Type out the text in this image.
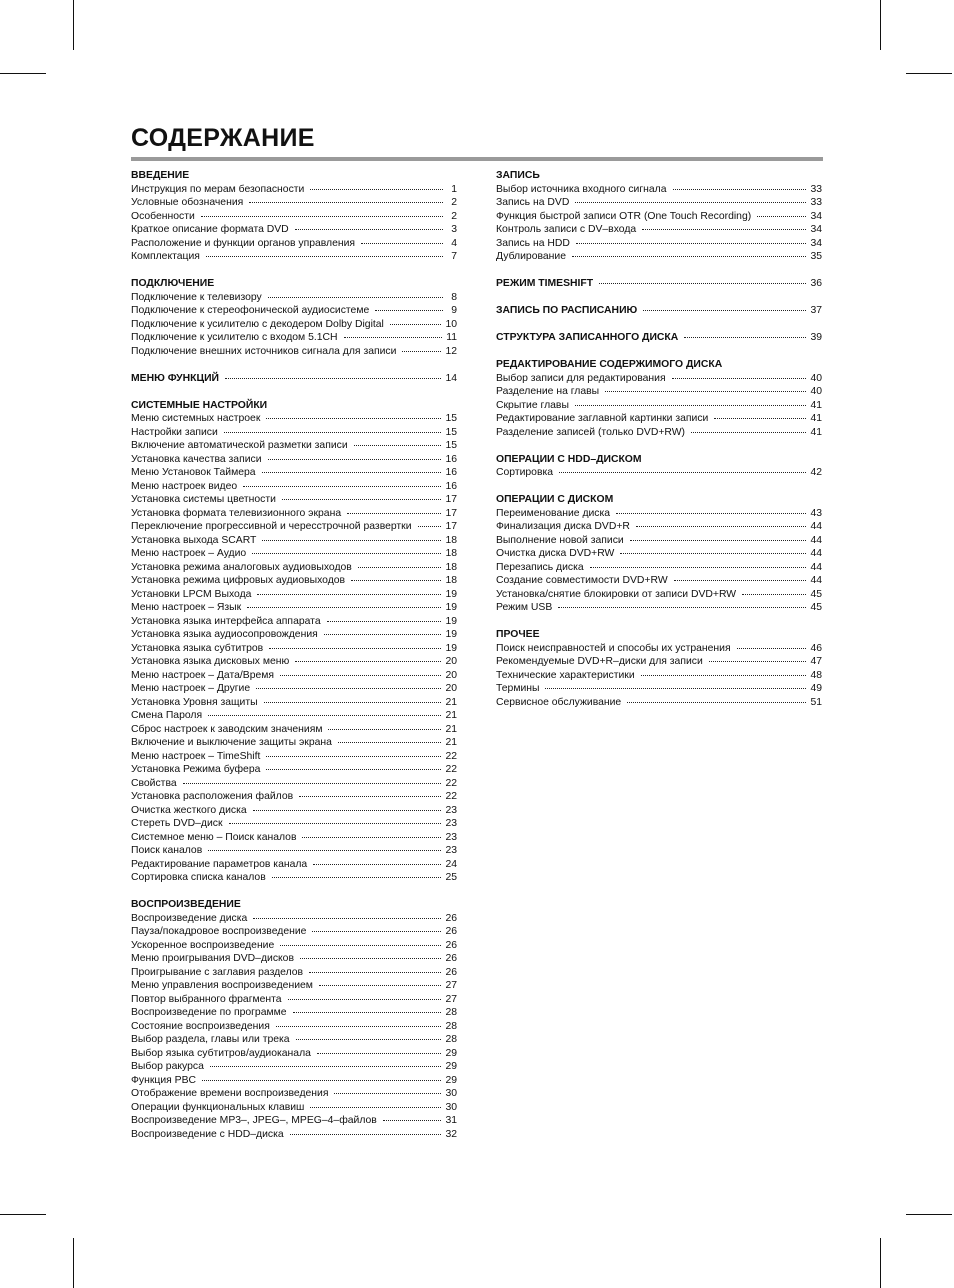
СОДЕРЖАНИЕ
ВВЕДЕНИЕ
Инструкция по мерам безопасности	1
Условные обозначения	2
Особенности	2
Краткое описание формата DVD	3
Расположение и функции органов управления	4
Комплектация	7
ПОДКЛЮЧЕНИЕ
Подключение к телевизору	8
Подключение к стереофонической аудиосистеме	9
Подключение к усилителю с декодером Dolby Digital	10
Подключение к усилителю с входом 5.1CH	11
Подключение внешних источников сигнала для записи	12
МЕНЮ ФУНКЦИЙ	14
СИСТЕМНЫЕ НАСТРОЙКИ
Меню системных настроек	15
Настройки записи	15
Включение автоматической разметки записи	15
Установка качества записи	16
Меню Установок Таймера	16
Меню настроек видео	16
Установка системы цветности	17
Установка формата телевизионного экрана	17
Переключение прогрессивной и чересстрочной развертки	17
Установка выхода SCART	18
Меню настроек – Аудио	18
Установка режима аналоговых аудиовыходов	18
Установка режима цифровых аудиовыходов	18
Установки LPCM Выхода	19
Меню настроек – Язык	19
Установка языка интерфейса аппарата	19
Установка языка аудиосопровождения	19
Установка языка субтитров	19
Установка языка дисковых меню	20
Меню настроек – Дата/Время	20
Меню настроек – Другие	20
Установка Уровня защиты	21
Смена Пароля	21
Сброс настроек к заводским значениям	21
Включение и выключение защиты экрана	21
Меню настроек – TimeShift	22
Установка Режима буфера	22
Свойства	22
Установка расположения файлов	22
Очистка жесткого диска	23
Стереть DVD–диск	23
Системное меню – Поиск каналов	23
Поиск каналов	23
Редактирование параметров канала	24
Сортировка списка каналов	25
ВОСПРОИЗВЕДЕНИЕ
Воспроизведение диска	26
Пауза/покадровое воспроизведение	26
Ускоренное воспроизведение	26
Меню проигрывания DVD–дисков	26
Проигрывание с заглавия разделов	26
Меню управления воспроизведением	27
Повтор выбранного фрагмента	27
Воспроизведение по программе	28
Состояние воспроизведения	28
Выбор раздела, главы или трека	28
Выбор языка субтитров/аудиоканала	29
Выбор ракурса	29
Функция PBC	29
Отображение времени воспроизведения	30
Операции функциональных клавиш	30
Воспроизведение MP3–, JPEG–, MPEG–4–файлов	31
Воспроизведение с HDD–диска	32
ЗАПИСЬ
Выбор источника входного сигнала	33
Запись на DVD	33
Функция быстрой записи OTR (One Touch Recording)	34
Контроль записи с DV–входа	34
Запись на HDD	34
Дублирование	35
РЕЖИМ TIMESHIFT	36
ЗАПИСЬ ПО РАСПИСАНИЮ	37
СТРУКТУРА ЗАПИСАННОГО ДИСКА	39
РЕДАКТИРОВАНИЕ СОДЕРЖИМОГО ДИСКА
Выбор записи для редактирования	40
Разделение на главы	40
Скрытие главы	41
Редактирование заглавной картинки записи	41
Разделение записей (только DVD+RW)	41
ОПЕРАЦИИ С HDD–ДИСКОМ
Сортировка	42
ОПЕРАЦИИ С ДИСКОМ
Переименование диска	43
Финализация диска DVD+R	44
Выполнение новой записи	44
Очистка диска DVD+RW	44
Перезапись диска	44
Создание совместимости DVD+RW	44
Установка/снятие блокировки от записи DVD+RW	45
Режим USB	45
ПРОЧЕЕ
Поиск неисправностей и способы их устранения	46
Рекомендуемые DVD+R–диски для записи	47
Технические характеристики	48
Термины	49
Сервисное обслуживание	51
